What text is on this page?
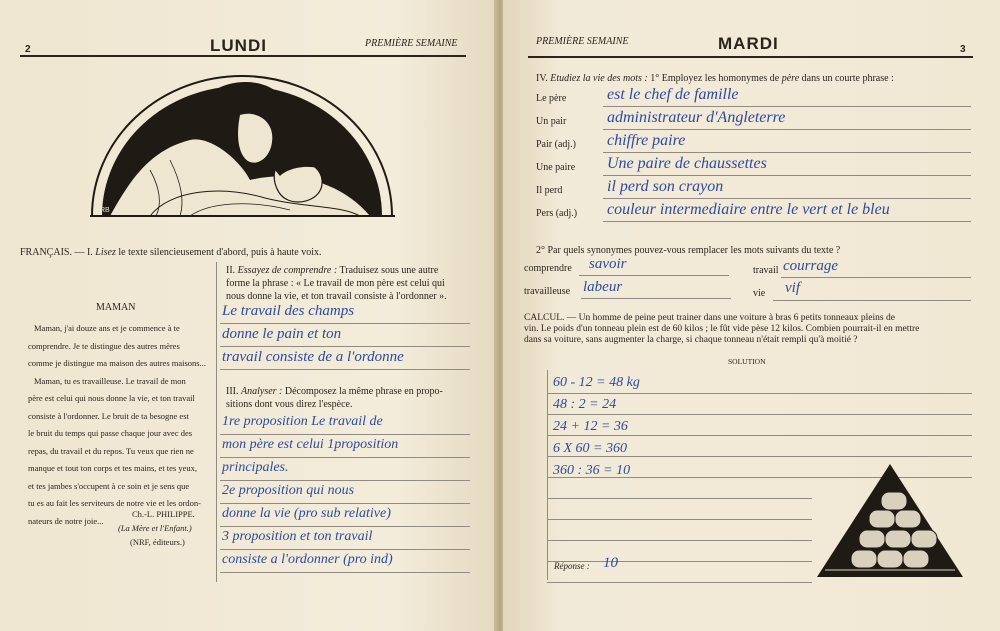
2	LUNDI	PREMIÈRE SEMAINE
RB
FRANÇAIS. — I. Lisez le texte silencieusement d'abord, puis à haute voix.
MAMAN
Maman, j'ai douze ans et je commence à te
comprendre. Je te distingue des autres mères
comme je distingue ma maison des autres maisons...
Maman, tu es travailleuse. Le travail de mon
père est celui qui nous donne la vie, et ton travail
consiste à l'ordonner. Le bruit de ta besogne est
le bruit du temps qui passe chaque jour avec des
repas, du travail et du repos. Tu veux que rien ne
manque et tout ton corps et tes mains, et tes yeux,
et tes jambes s'occupent à ce soin et je sens que
tu es au fait les serviteurs de notre vie et les ordon-
nateurs de notre joie...
Ch.-L. PHILIPPE.
(La Mère et l'Enfant.)
(NRF, éditeurs.)
II. Essayez de comprendre : Traduisez sous une autre
forme la phrase : « Le travail de mon père est celui qui
nous donne la vie, et ton travail consiste à l'ordonner ».
Le travail des champs
donne le pain et ton
travail consiste de a l'ordonne
III. Analyser : Décomposez la même phrase en propo-
sitions dont vous direz l'espèce.
1re proposition Le travail de
mon père est celui 1proposition
principales.
2e proposition qui nous
donne la vie (pro sub relative)
3 proposition et ton travail
consiste a l'ordonner (pro ind)
PREMIÈRE SEMAINE	MARDI	3
IV. Etudiez la vie des mots : 1° Employez les homonymes de père dans un courte phrase :
Le père	est le chef de famille
Un pair	administrateur d'Angleterre
Pair (adj.) chiffre paire
Une paire Une paire de chaussettes
Il perd	il perd son crayon
Pers (adj.) couleur intermediaire entre le vert et le bleu
2° Par quels synonymes pouvez-vous remplacer les mots suivants du texte ?
comprendre savoir	travail courrage
travailleuse labeur	vie vif
CALCUL. — Un homme de peine peut trainer dans une voiture à bras 6 petits tonneaux pleins de
vin. Le poids d'un tonneau plein est de 60 kilos ; le fût vide pèse 12 kilos. Combien pourrait-il en mettre
dans sa voiture, sans augmenter la charge, si chaque tonneau n'était rempli qu'à moitié ?
SOLUTION
60 - 12 = 48 kg
48 : 2 = 24
24 + 12 = 36
6 X 60 = 360
360 : 36 = 10
Réponse : 10
